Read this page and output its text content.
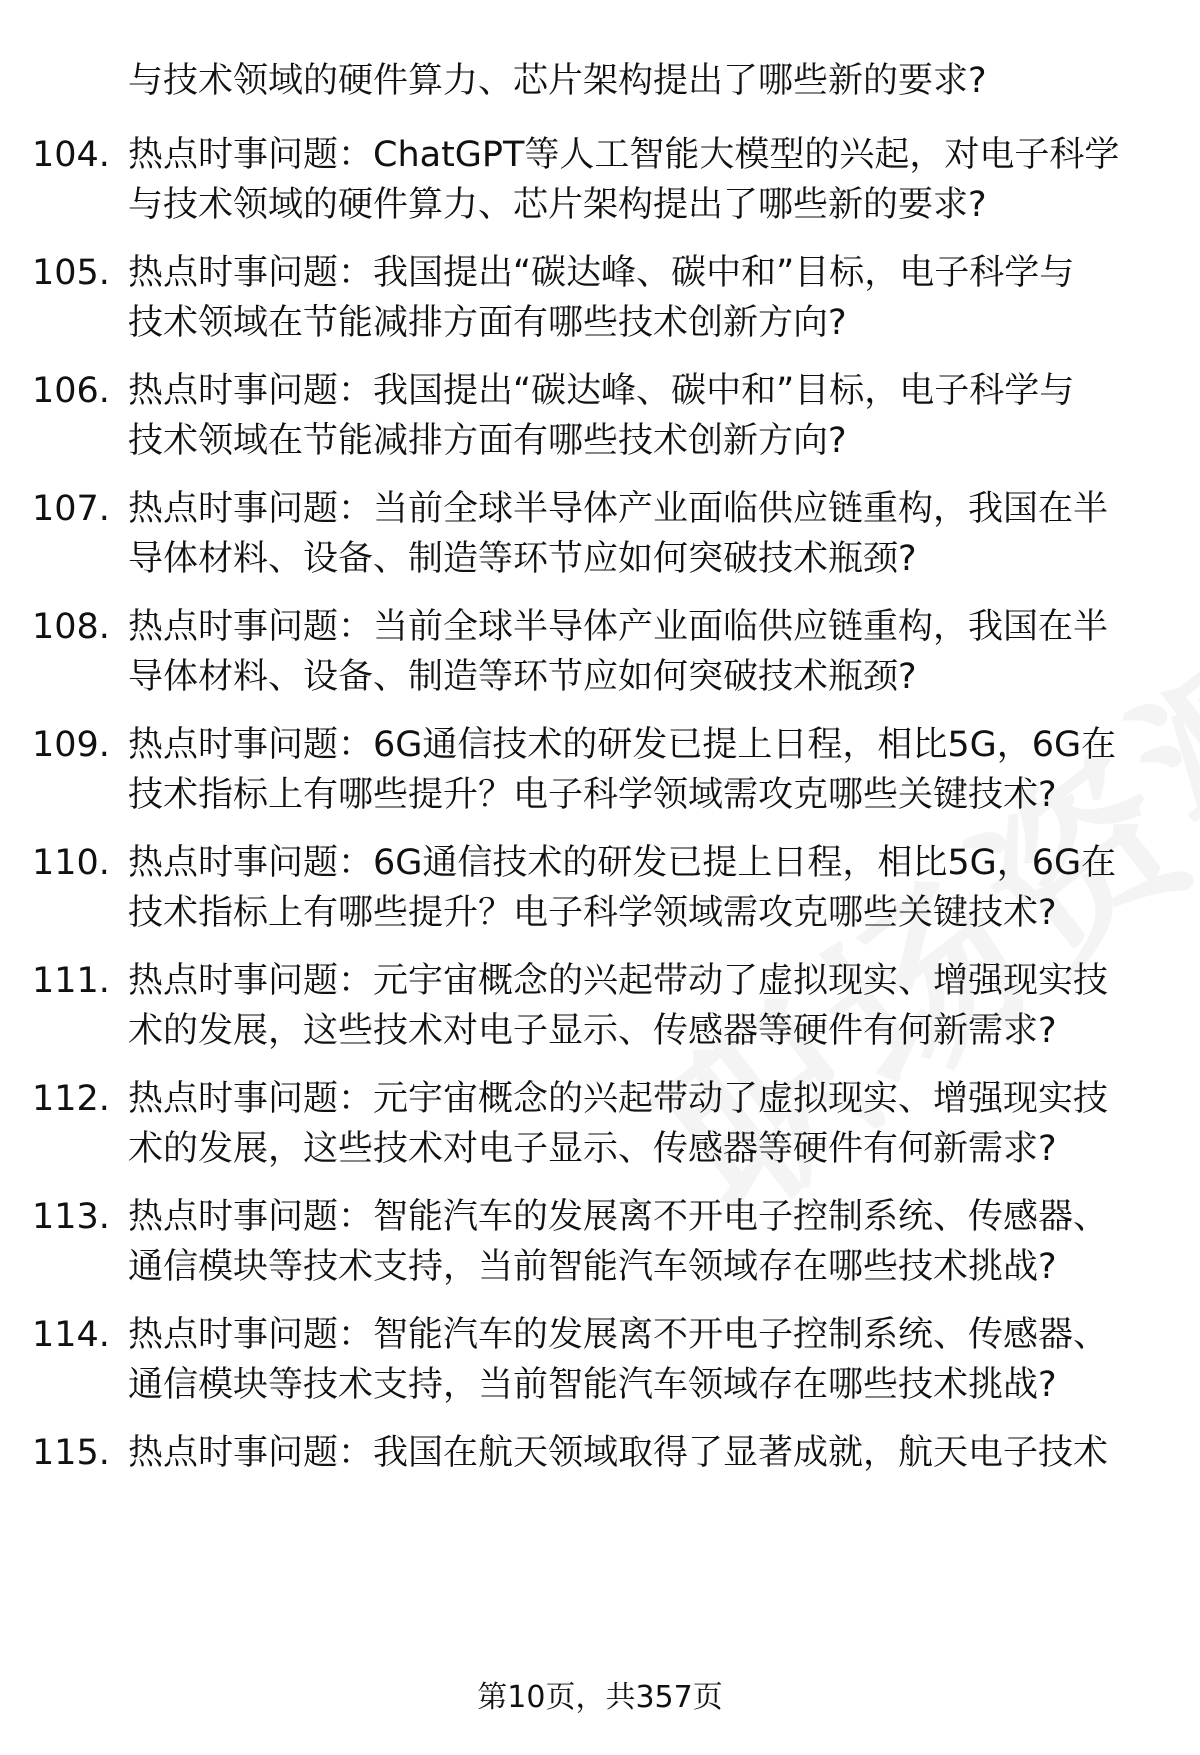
与技术领域的硬件算力、芯片架构提出了哪些新的要求?
104. 热点时事问题：ChatGPT等人工智能大模型的兴起，对电子科学
与技术领域的硬件算力、芯片架构提出了哪些新的要求?
105. 热点时事问题：我国提出“碳达峰、碳中和”目标，电子科学与
技术领域在节能减排方面有哪些技术创新方向?
106. 热点时事问题：我国提出“碳达峰、碳中和”目标，电子科学与
技术领域在节能减排方面有哪些技术创新方向?
107. 热点时事问题：当前全球半导体产业面临供应链重构，我国在半
导体材料、设备、制造等环节应如何突破技术瓶颈?
108. 热点时事问题：当前全球半导体产业面临供应链重构，我国在半
导体材料、设备、制造等环节应如何突破技术瓶颈?
109. 热点时事问题：6G通信技术的研发已提上日程，相比5G，6G在
技术指标上有哪些提升？电子科学领域需攻克哪些关键技术?
110. 热点时事问题：6G通信技术的研发已提上日程，相比5G，6G在
技术指标上有哪些提升？电子科学领域需攻克哪些关键技术?
111. 热点时事问题：元宇宙概念的兴起带动了虚拟现实、增强现实技
术的发展，这些技术对电子显示、传感器等硬件有何新需求?
112. 热点时事问题：元宇宙概念的兴起带动了虚拟现实、增强现实技
术的发展，这些技术对电子显示、传感器等硬件有何新需求?
113. 热点时事问题：智能汽车的发展离不开电子控制系统、传感器、
通信模块等技术支持，当前智能汽车领域存在哪些技术挑战?
114. 热点时事问题：智能汽车的发展离不开电子控制系统、传感器、
通信模块等技术支持，当前智能汽车领域存在哪些技术挑战?
115. 热点时事问题：我国在航天领域取得了显著成就，航天电子技术
第10页，共357页
